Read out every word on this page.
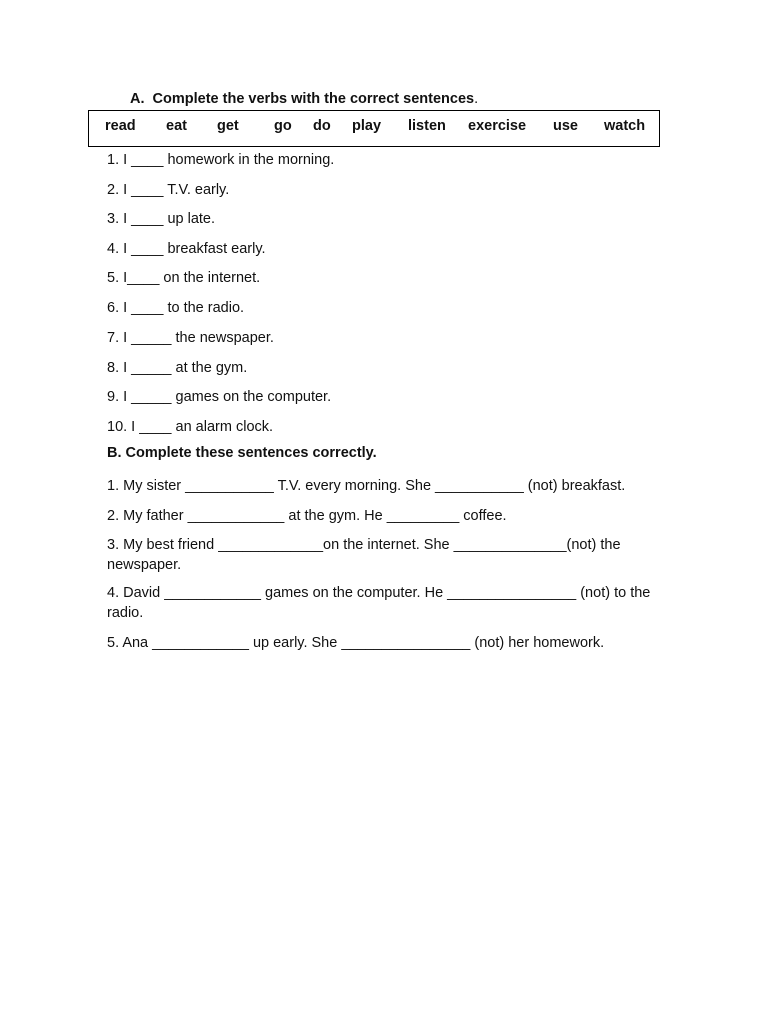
A.  Complete the verbs with the correct sentences.
read eat get go do play listen exercise use watch
1. I ____ homework in the morning.
2. I ____ T.V. early.
3. I ____ up late.
4. I ____ breakfast early.
5. I____ on the internet.
6. I ____ to the radio.
7. I _____ the newspaper.
8. I _____ at the gym.
9. I _____ games on the computer.
10. I ____ an alarm clock.
B. Complete these sentences correctly.
1. My sister ___________ T.V. every morning. She ___________ (not) breakfast.
2. My father ____________ at the gym. He _________ coffee.
3. My best friend _____________on the internet. She ______________(not) the newspaper.
4. David ____________ games on the computer. He ________________ (not) to the radio.
5. Ana ____________ up early. She ________________ (not) her homework.
